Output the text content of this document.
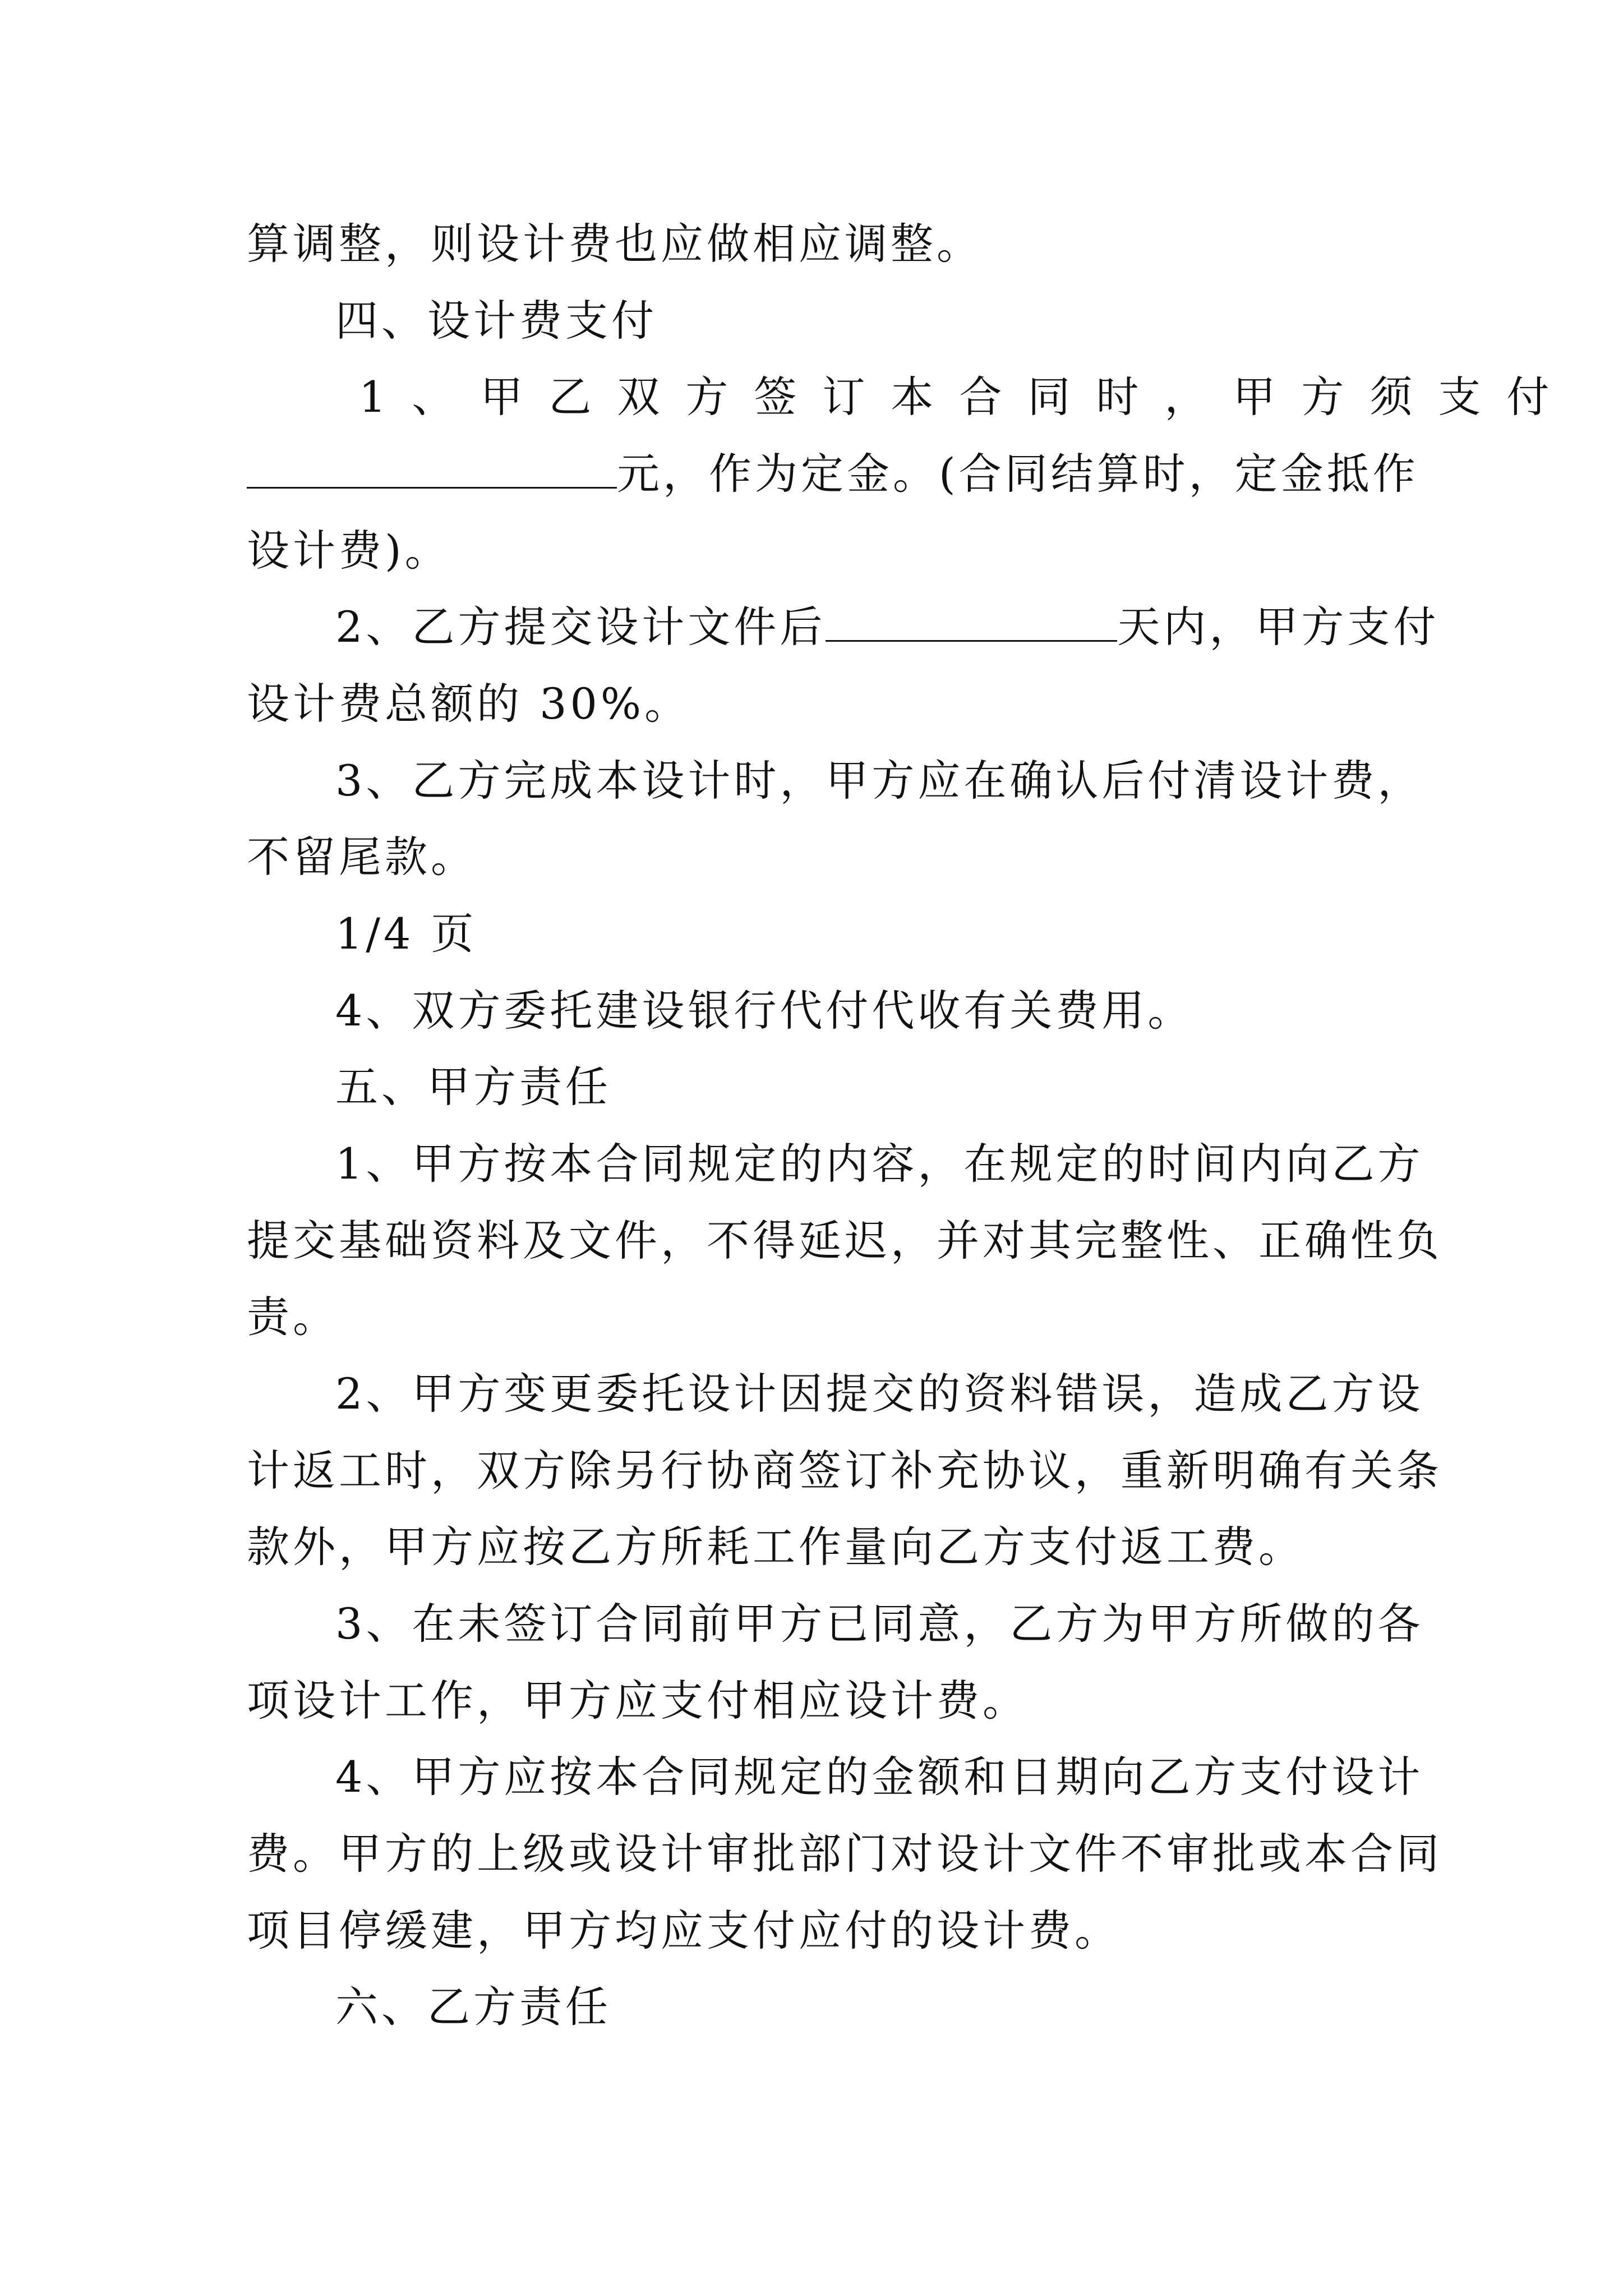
算调整，则设计费也应做相应调整。
四、设计费支付
1、甲乙双方签订本合同时，甲方须支付
元，作为定金。(合同结算时，定金抵作
设计费)。
2、乙方提交设计文件后	天内，甲方支付
设计费总额的 30%。
3、乙方完成本设计时，甲方应在确认后付清设计费，
不留尾款。
1/4 页
4、双方委托建设银行代付代收有关费用。
五、甲方责任
1、甲方按本合同规定的内容，在规定的时间内向乙方
提交基础资料及文件，不得延迟，并对其完整性、正确性负
责。
2、甲方变更委托设计因提交的资料错误，造成乙方设
计返工时，双方除另行协商签订补充协议，重新明确有关条
款外，甲方应按乙方所耗工作量向乙方支付返工费。
3、在未签订合同前甲方已同意，乙方为甲方所做的各
项设计工作，甲方应支付相应设计费。
4、甲方应按本合同规定的金额和日期向乙方支付设计
费。甲方的上级或设计审批部门对设计文件不审批或本合同
项目停缓建，甲方均应支付应付的设计费。
六、乙方责任
